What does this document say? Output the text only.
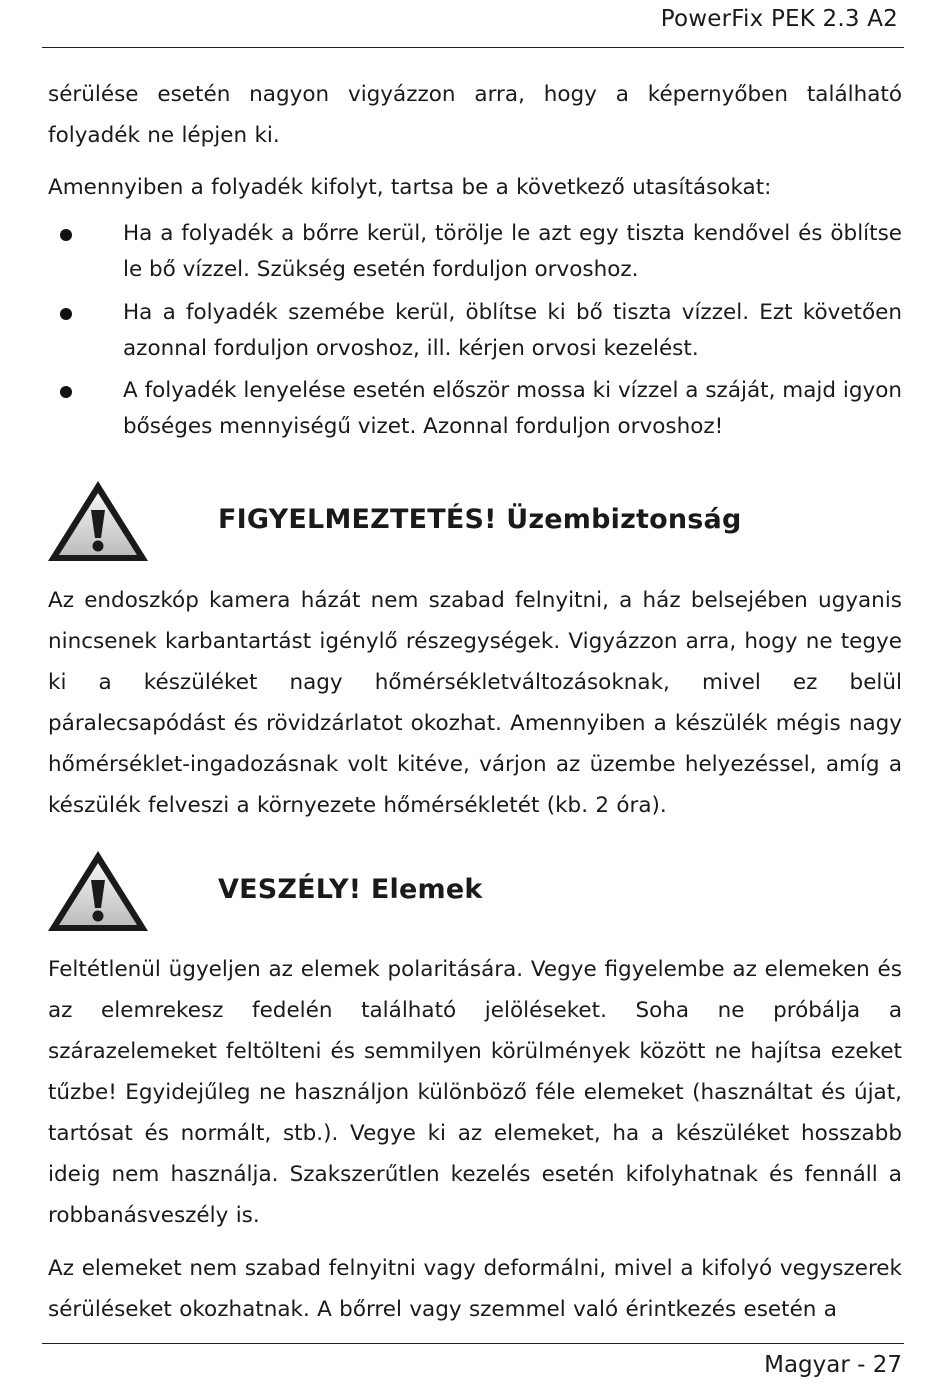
PowerFix PEK 2.3 A2

sérülése esetén nagyon vigyázzon arra, hogy a képernyőben található folyadék ne lépjen ki.

Amennyiben a folyadék kifolyt, tartsa be a következő utasításokat:

Ha a folyadék a bőrre kerül, törölje le azt egy tiszta kendővel és öblítse le bő vízzel. Szükség esetén forduljon orvoshoz.
Ha a folyadék szemébe kerül, öblítse ki bő tiszta vízzel. Ezt követően azonnal forduljon orvoshoz, ill. kérjen orvosi kezelést.
A folyadék lenyelése esetén először mossa ki vízzel a száját, majd igyon bőséges mennyiségű vizet. Azonnal forduljon orvoshoz!
FIGYELMEZTETÉS! Üzembiztonság

Az endoszkóp kamera házát nem szabad felnyitni, a ház belsejében ugyanis nincsenek karbantartást igénylő részegységek. Vigyázzon arra, hogy ne tegye ki a készüléket nagy hőmérsékletváltozásoknak, mivel ez belül páralecsapódást és rövidzárlatot okozhat. Amennyiben a készülék mégis nagy hőmérséklet-ingadozásnak volt kitéve, várjon az üzembe helyezéssel, amíg a készülék felveszi a környezete hőmérsékletét (kb. 2 óra).

VESZÉLY! Elemek

Feltétlenül ügyeljen az elemek polaritására. Vegye figyelembe az elemeken és az elemrekesz fedelén található jelöléseket. Soha ne próbálja a szárazelemeket feltölteni és semmilyen körülmények között ne hajítsa ezeket tűzbe! Egyidejűleg ne használjon különböző féle elemeket (használtat és újat, tartósat és normált, stb.). Vegye ki az elemeket, ha a készüléket hosszabb ideig nem használja. Szakszerűtlen kezelés esetén kifolyhatnak és fennáll a robbanásveszély is.

Az elemeket nem szabad felnyitni vagy deformálni, mivel a kifolyó vegyszerek sérüléseket okozhatnak. A bőrrel vagy szemmel való érintkezés esetén a

Magyar - 27
